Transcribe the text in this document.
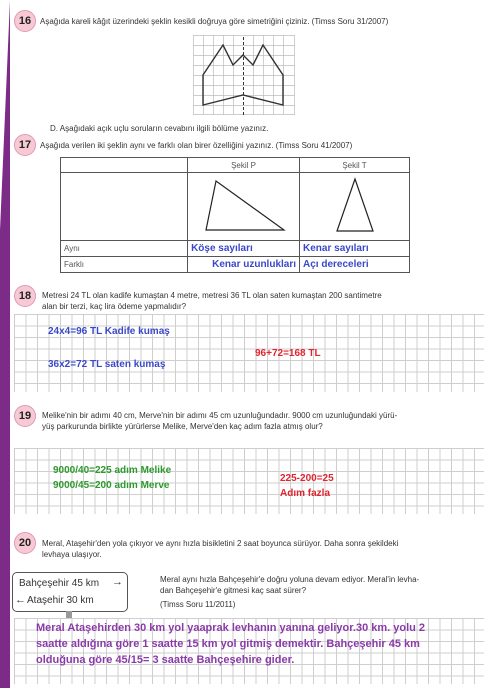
16	Aşağıda kareli kâğıt üzerindeki şeklin kesikli doğruya göre simetriğini çiziniz. (Timss Soru 31/2007)
D. Aşağıdaki açık uçlu soruların cevabını ilgili bölüme yazınız.
17	Aşağıda verilen iki şeklin aynı ve farklı olan birer özelliğini yazınız. (Timss Soru 41/2007)
	Şekil P	Şekil T

Aynı	Köşe sayıları	Kenar sayıları
Farklı	Kenar uzunlukları	Açı dereceleri
18	Metresi 24 TL olan kadife kumaştan 4 metre, metresi 36 TL olan saten kumaştan 200 santimetre
alan bir terzi, kaç lira ödeme yapmalıdır?
24x4=96 TL Kadife kumaş
36x2=72 TL saten kumaş
96+72=168 TL
19	Melike'nin bir adımı 40 cm, Merve'nin bir adımı 45 cm uzunluğundadır. 9000 cm uzunluğundaki yürü-
yüş parkurunda birlikte yürürlerse Melike, Merve'den kaç adım fazla atmış olur?
9000/40=225 adım Melike
9000/45=200 adım Merve
225-200=25
Adım fazla
20	Meral, Ataşehir'den yola çıkıyor ve aynı hızla bisikletini 2 saat boyunca sürüyor. Daha sonra şekildeki
levhaya ulaşıyor.
Bahçeşehir 45 km →
← Ataşehir 30 km
Meral aynı hızla Bahçeşehir'e doğru yoluna devam ediyor. Meral'in levha-
dan Bahçeşehir'e gitmesi kaç saat sürer?
(Timss Soru 11/2011)
Meral Ataşehirden 30 km yol yaaprak levhanın yanına geliyor.30 km. yolu 2
saatte aldığına göre 1 saatte 15 km yol gitmiş demektir. Bahçeşehir 45 km
olduğuna göre 45/15= 3 saatte Bahçeşehire gider.
